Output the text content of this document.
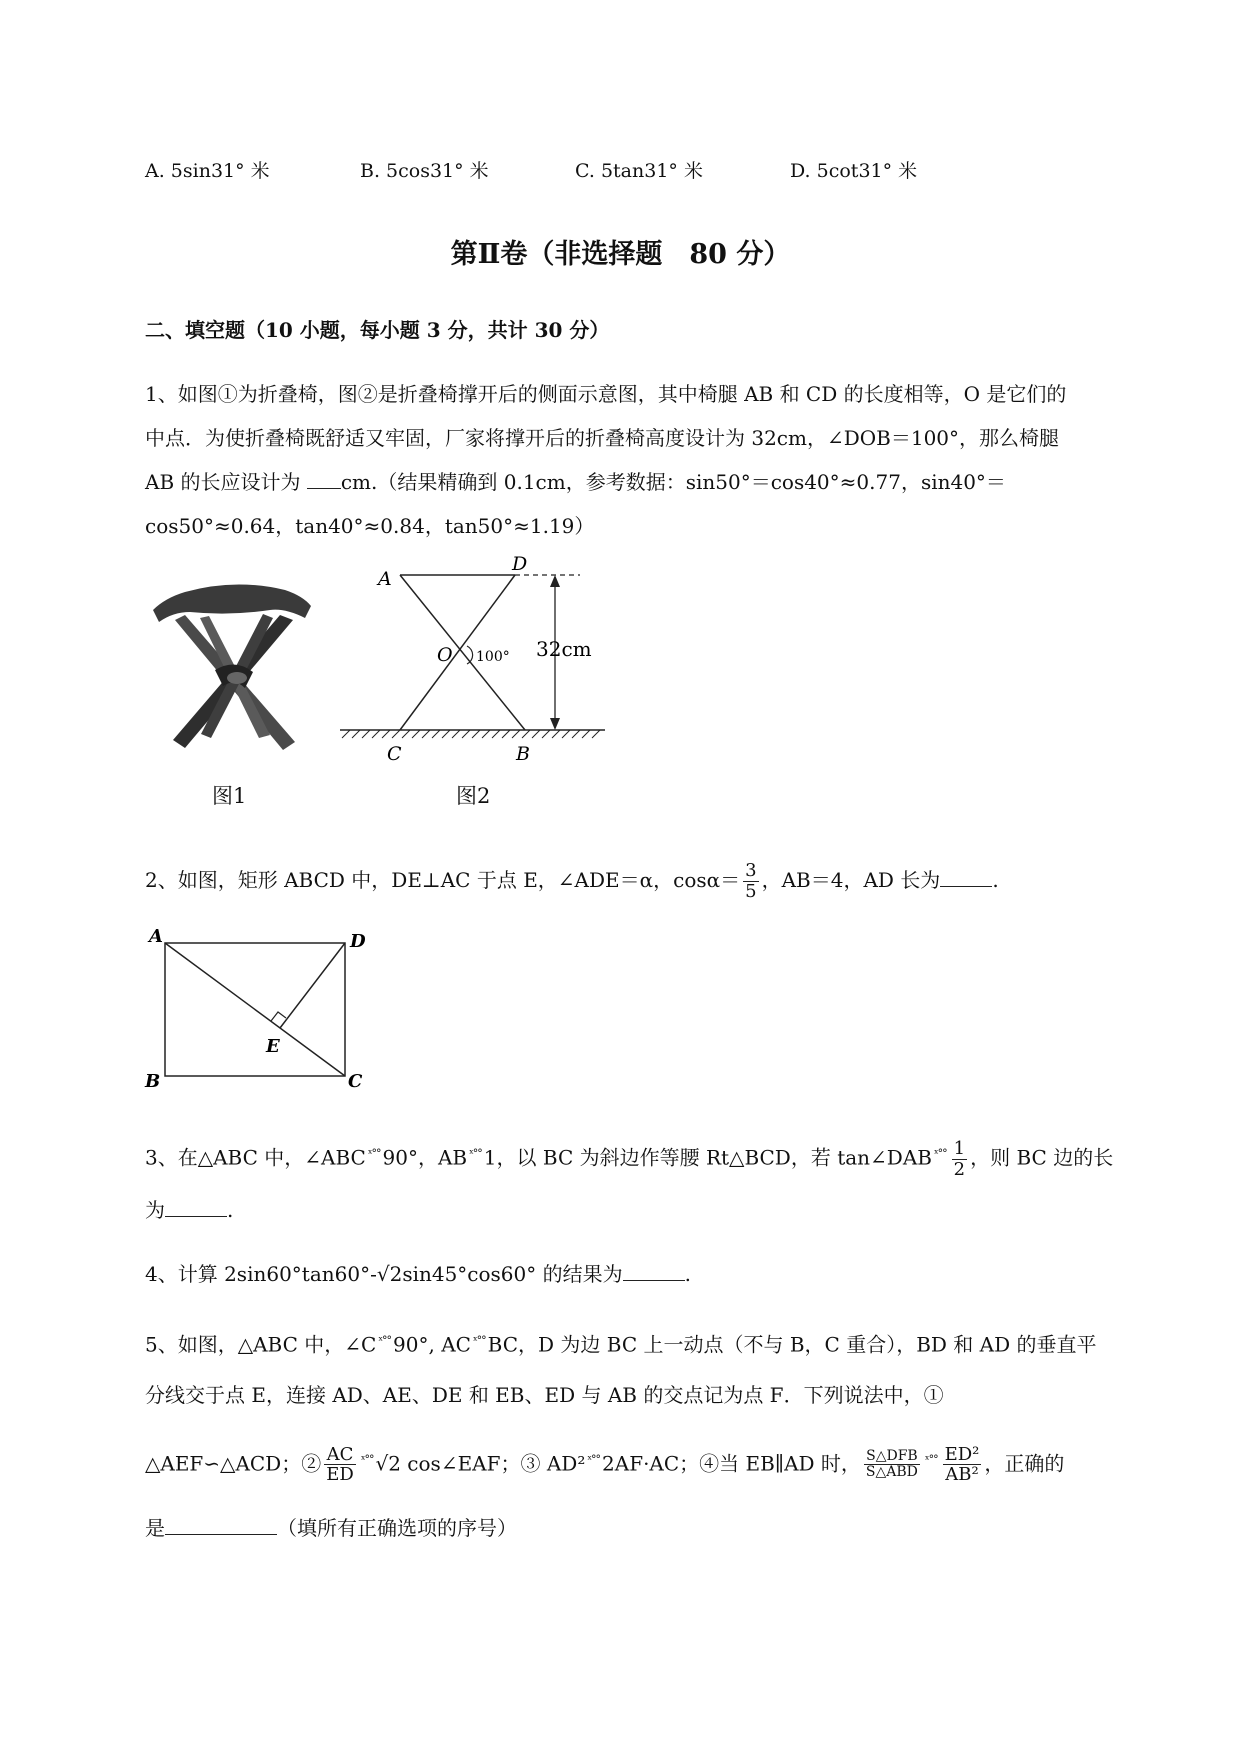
A. 5sin31° 米	B. 5cos31° 米	C. 5tan31° 米	D. 5cot31° 米
第Ⅱ卷（非选择题　80 分）
二、填空题（10 小题，每小题 3 分，共计 30 分）

1、如图①为折叠椅，图②是折叠椅撑开后的侧面示意图，其中椅腿 AB 和 CD 的长度相等，O 是它们的

中点．为使折叠椅既舒适又牢固，厂家将撑开后的折叠椅高度设计为 32cm，∠DOB＝100°，那么椅腿

AB 的长应设计为 cm.（结果精确到 0.1cm，参考数据：sin50°＝cos40°≈0.77，sin40°＝

cos50°≈0.64，tan40°≈0.84，tan50°≈1.19）

图1
A
D
O 100° 32cm
C	B
图2

2、如图，矩形 ABCD 中，DE⊥AC 于点 E，∠ADE＝α，$\cos\alpha= \frac{3}{5}$ ，AB＝4，AD 长为	.

A	D
B	C
E

3、在△ABC 中，∠ABC $^{ˣ^\circ^\circ}$ 90°，AB $^{ˣ^\circ^\circ}$ 1，以 BC 为斜边作等腰 Rt△BCD，若 tan∠DAB $^{ˣ^\circ^\circ} \frac{1}{2}$ ，则 BC 边的长

为	.

4、计算 2sin60°tan60°-√2sin45°cos60° 的结果为	.

5、如图，△ABC 中，∠C $^{ˣ^\circ^\circ}$ 90°, AC $^{ˣ^\circ^\circ}$ BC，D 为边 BC 上一动点（不与 B，C 重合），BD 和 AD 的垂直平

分线交于点 E，连接 AD、AE、DE 和 EB、ED 与 AB 的交点记为点 F．下列说法中，①

△AEF∽△ACD；② $\frac{AC}{ED} ^{ˣ^\circ^\circ}$ √2 cos∠EAF；③ AD² $^{ˣ^\circ^\circ}$ 2AF·AC；④当 EB∥AD 时， $\frac{\text{S△DFB}}{\text{S△ABD}} ^{ˣ^\circ^\circ} \frac{\text{ED²}}{\text{AB²}}$ ，正确的

是	（填所有正确选项的序号）
